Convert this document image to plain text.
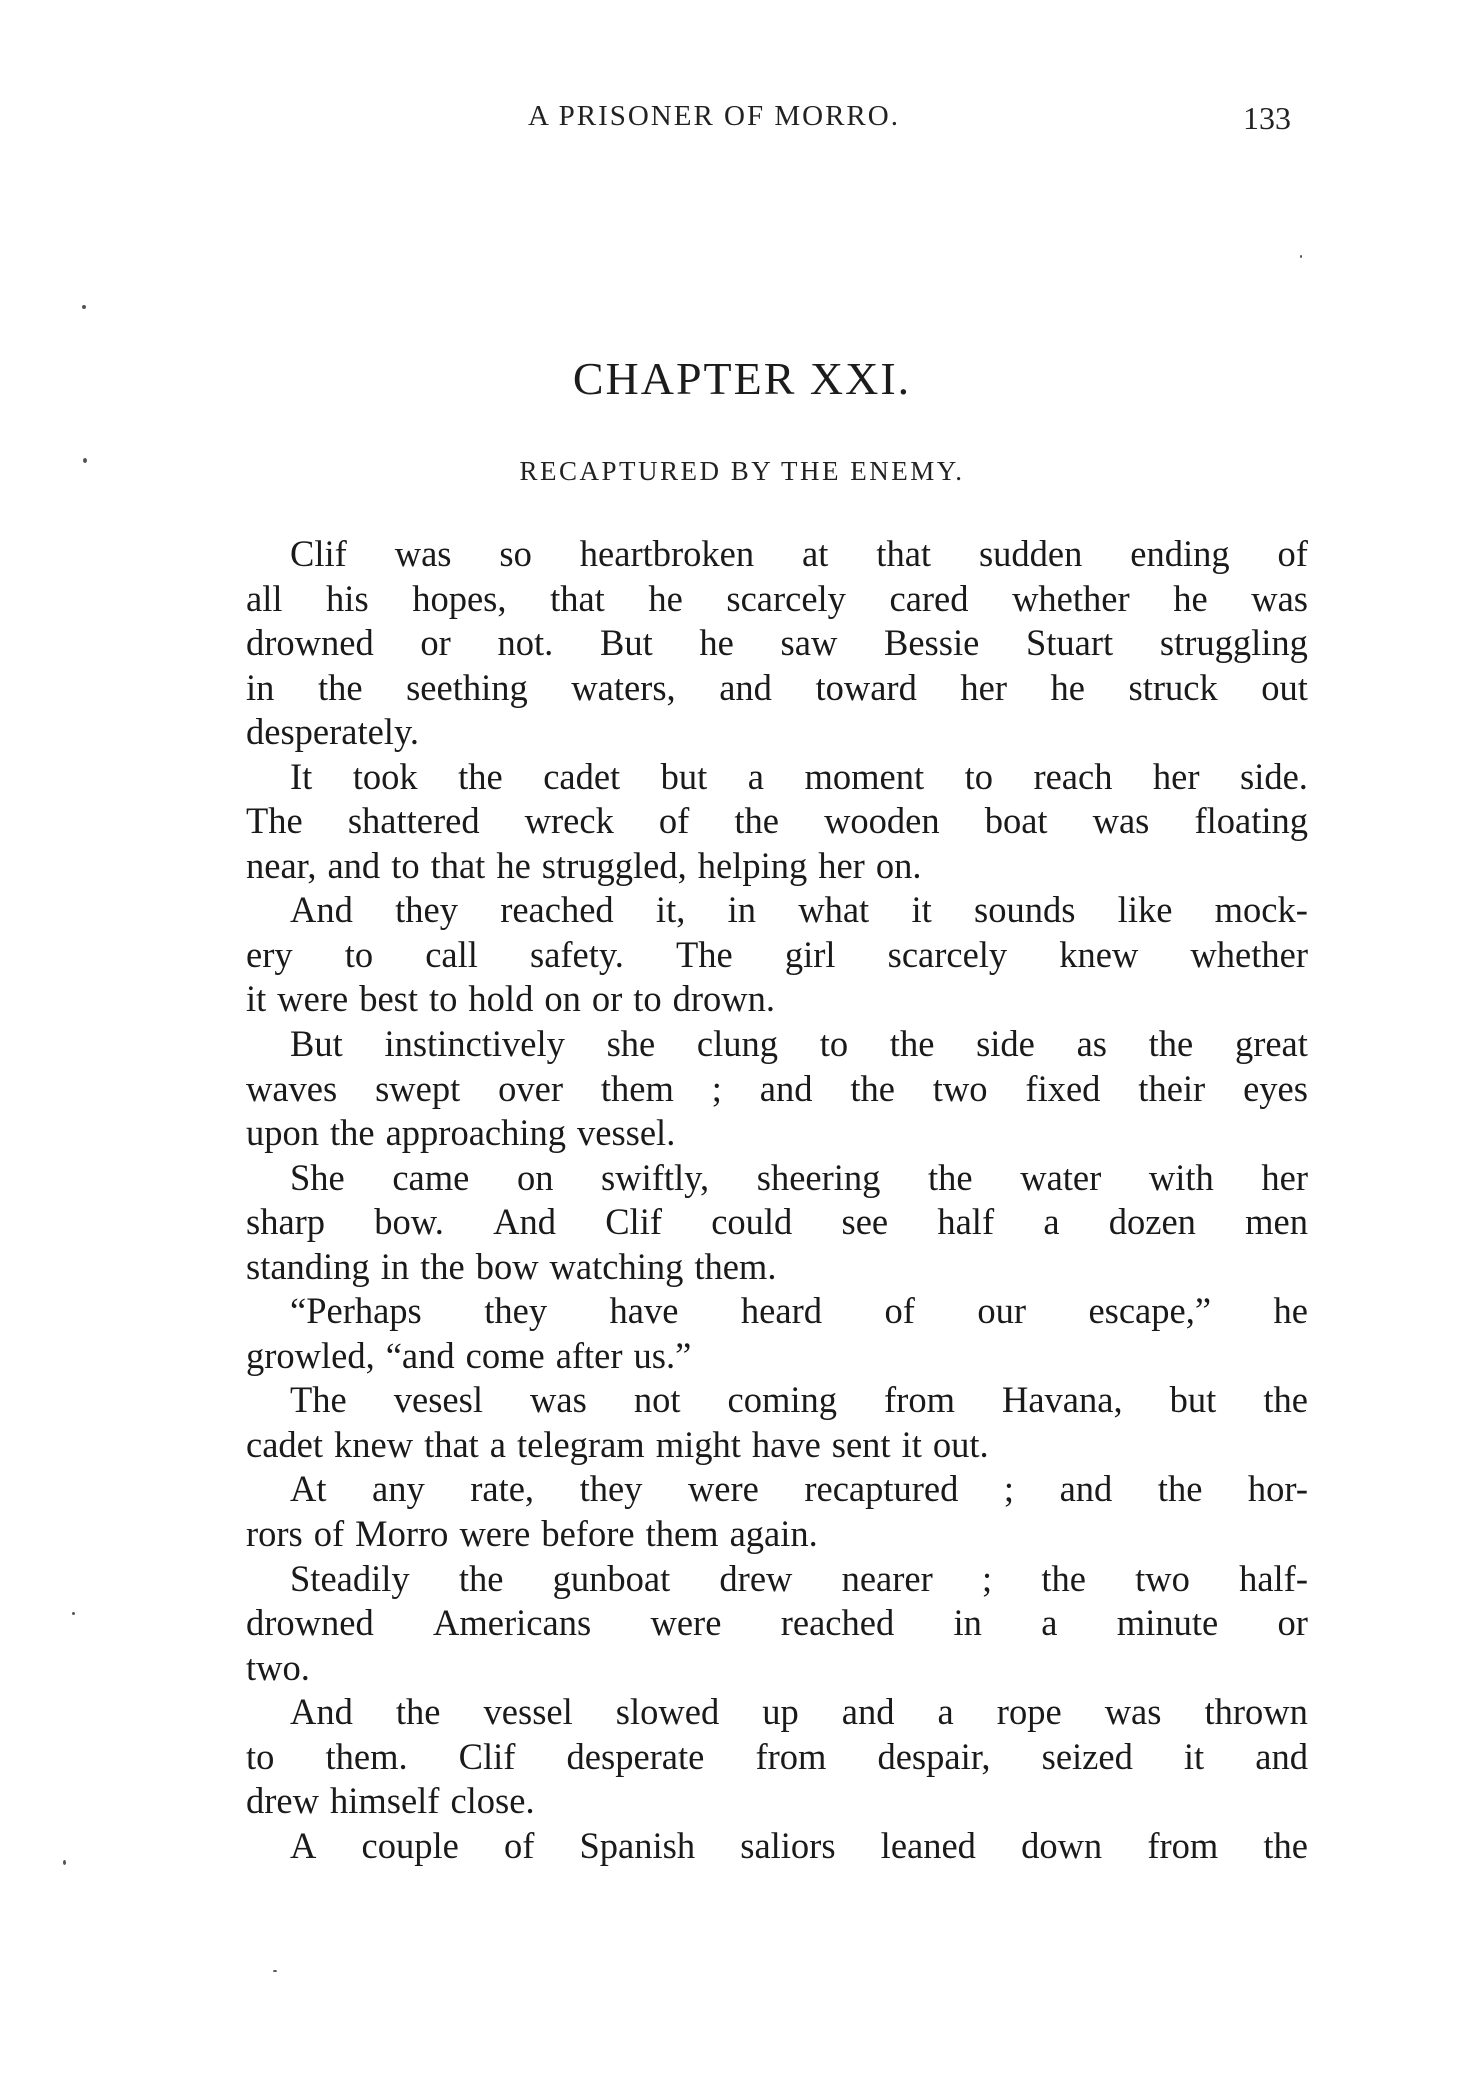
A PRISONER OF MORRO.	133
CHAPTER XXI.
RECAPTURED BY THE ENEMY.
Clif was so heartbroken at that sudden ending of
all his hopes, that he scarcely cared whether he was
drowned or not. But he saw Bessie Stuart struggling
in the seething waters, and toward her he struck out
desperately.
It took the cadet but a moment to reach her side.
The shattered wreck of the wooden boat was floating
near, and to that he struggled, helping her on.
And they reached it, in what it sounds like mock-
ery to call safety. The girl scarcely knew whether
it were best to hold on or to drown.
But instinctively she clung to the side as the great
waves swept over them ; and the two fixed their eyes
upon the approaching vessel.
She came on swiftly, sheering the water with her
sharp bow. And Clif could see half a dozen men
standing in the bow watching them.
“Perhaps they have heard of our escape,” he
growled, “and come after us.”
The vesesl was not coming from Havana, but the
cadet knew that a telegram might have sent it out.
At any rate, they were recaptured ; and the hor-
rors of Morro were before them again.
Steadily the gunboat drew nearer ; the two half-
drowned Americans were reached in a minute or
two.
And the vessel slowed up and a rope was thrown
to them. Clif desperate from despair, seized it and
drew himself close.
A couple of Spanish saliors leaned down from the
